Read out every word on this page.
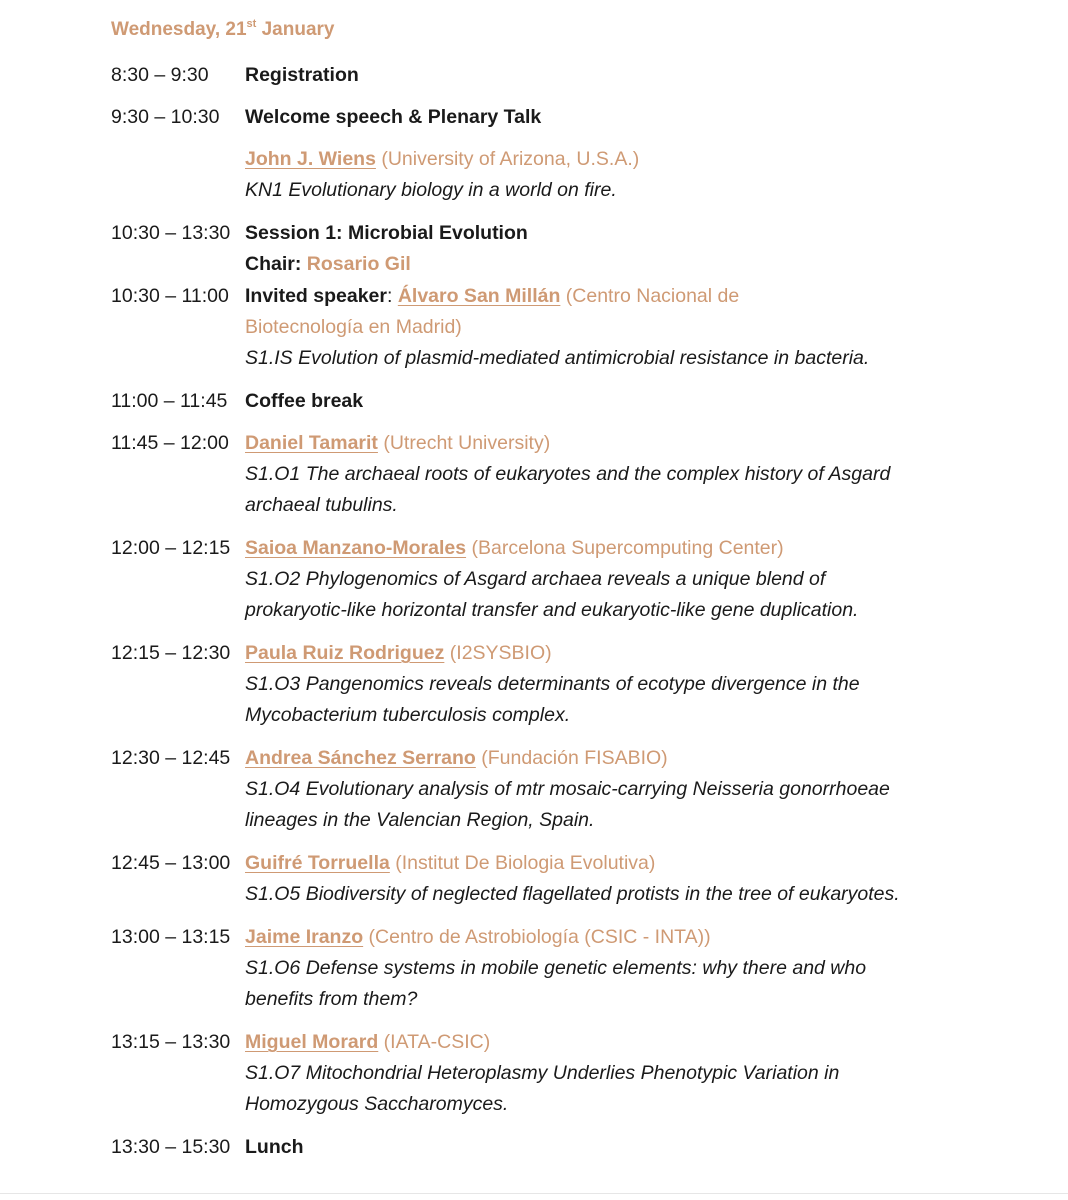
Wednesday, 21st January
8:30 – 9:30 Registration
9:30 – 10:30 Welcome speech & Plenary Talk
John J. Wiens (University of Arizona, U.S.A.)
KN1 Evolutionary biology in a world on fire.
10:30 – 13:30 Session 1: Microbial Evolution
Chair: Rosario Gil
10:30 – 11:00 Invited speaker: Álvaro San Millán (Centro Nacional de
Biotecnología en Madrid)
S1.IS Evolution of plasmid-mediated antimicrobial resistance in bacteria.
11:00 – 11:45 Coffee break
11:45 – 12:00 Daniel Tamarit (Utrecht University)
S1.O1 The archaeal roots of eukaryotes and the complex history of Asgard
archaeal tubulins.
12:00 – 12:15 Saioa Manzano-Morales (Barcelona Supercomputing Center)
S1.O2 Phylogenomics of Asgard archaea reveals a unique blend of
prokaryotic-like horizontal transfer and eukaryotic-like gene duplication.
12:15 – 12:30 Paula Ruiz Rodriguez (I2SYSBIO)
S1.O3 Pangenomics reveals determinants of ecotype divergence in the
Mycobacterium tuberculosis complex.
12:30 – 12:45 Andrea Sánchez Serrano (Fundación FISABIO)
S1.O4 Evolutionary analysis of mtr mosaic-carrying Neisseria gonorrhoeae
lineages in the Valencian Region, Spain.
12:45 – 13:00 Guifré Torruella (Institut De Biologia Evolutiva)
S1.O5 Biodiversity of neglected flagellated protists in the tree of eukaryotes.
13:00 – 13:15 Jaime Iranzo (Centro de Astrobiología (CSIC - INTA))
S1.O6 Defense systems in mobile genetic elements: why there and who
benefits from them?
13:15 – 13:30 Miguel Morard (IATA-CSIC)
S1.O7 Mitochondrial Heteroplasmy Underlies Phenotypic Variation in
Homozygous Saccharomyces.
13:30 – 15:30 Lunch
